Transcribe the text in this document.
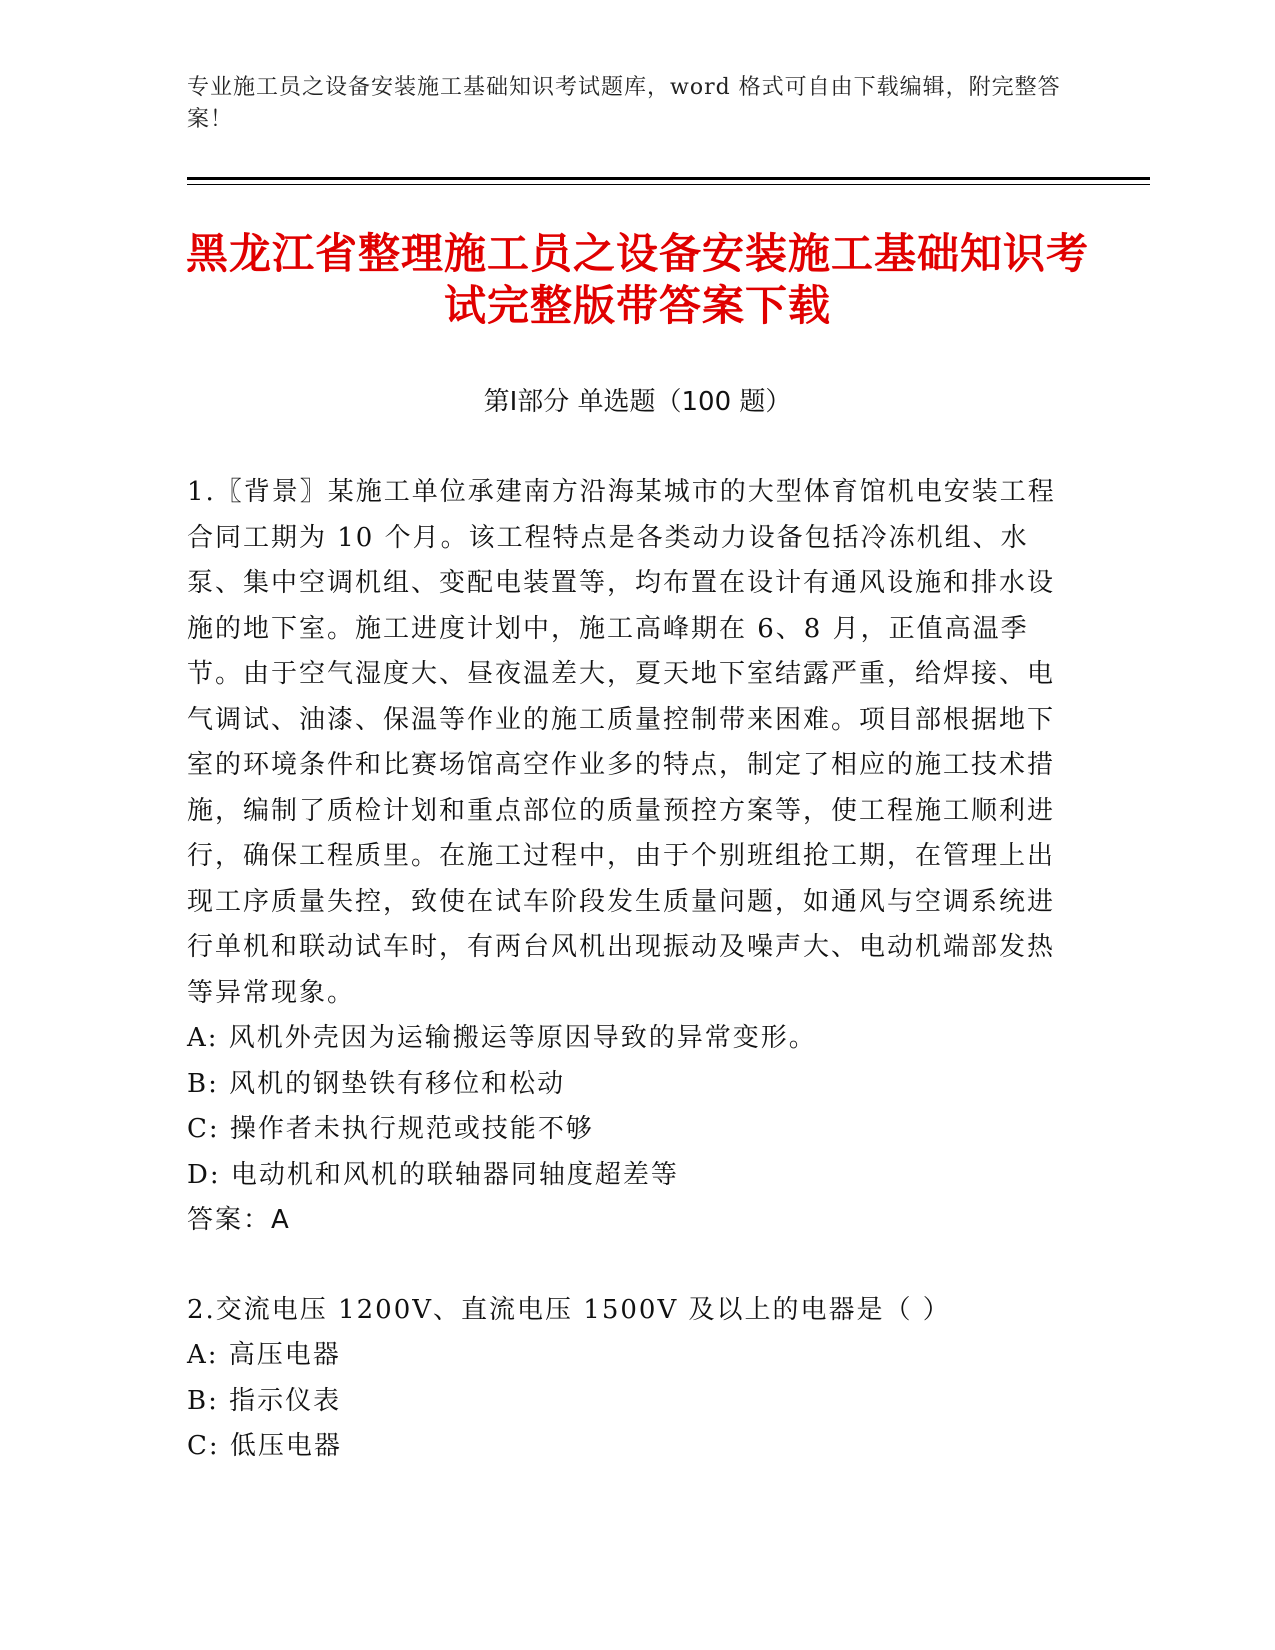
专业施工员之设备安装施工基础知识考试题库，word 格式可自由下载编辑，附完整答案！
黑龙江省整理施工员之设备安装施工基础知识考试完整版带答案下载
第Ⅰ部分 单选题（100 题）

1.〖背景〗某施工单位承建南方沿海某城市的大型体育馆机电安装工程合同工期为 10 个月。该工程特点是各类动力设备包括冷冻机组、水泵、集中空调机组、变配电装置等，均布置在设计有通风设施和排水设施的地下室。施工进度计划中，施工高峰期在 6、8 月，正值高温季节。由于空气湿度大、昼夜温差大，夏天地下室结露严重，给焊接、电气调试、油漆、保温等作业的施工质量控制带来困难。项目部根据地下室的环境条件和比赛场馆高空作业多的特点，制定了相应的施工技术措施，编制了质检计划和重点部位的质量预控方案等，使工程施工顺利进行，确保工程质里。在施工过程中，由于个别班组抢工期，在管理上出现工序质量失控，致使在试车阶段发生质量问题，如通风与空调系统进行单机和联动试车时，有两台风机出现振动及噪声大、电动机端部发热等异常现象。

A: 风机外壳因为运输搬运等原因导致的异常变形。

B: 风机的钢垫铁有移位和松动

C: 操作者未执行规范或技能不够

D: 电动机和风机的联轴器同轴度超差等

答案：A

2.交流电压 1200V、直流电压 1500V 及以上的电器是（ ）

A: 高压电器

B: 指示仪表

C: 低压电器
